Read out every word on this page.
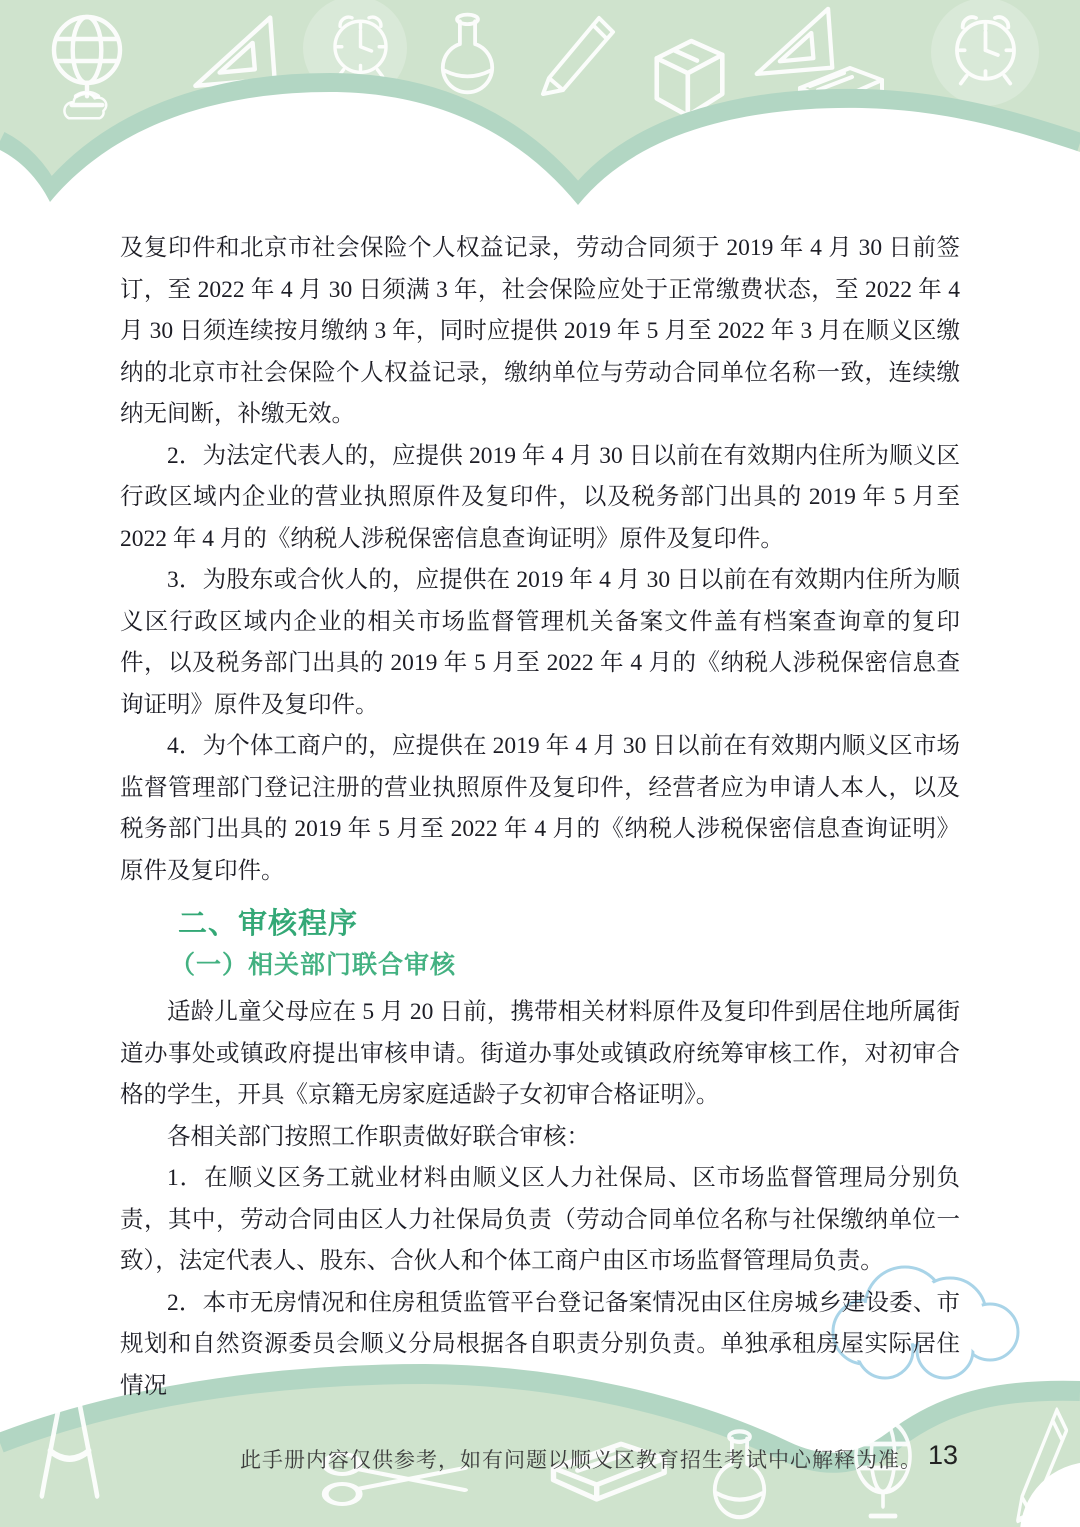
及复印件和北京市社会保险个人权益记录，劳动合同须于 2019 年 4 月 30 日前签订，至 2022 年 4 月 30 日须满 3 年，社会保险应处于正常缴费状态，至 2022 年 4 月 30 日须连续按月缴纳 3 年，同时应提供 2019 年 5 月至 2022 年 3 月在顺义区缴纳的北京市社会保险个人权益记录，缴纳单位与劳动合同单位名称一致，连续缴纳无间断，补缴无效。

2．为法定代表人的，应提供 2019 年 4 月 30 日以前在有效期内住所为顺义区行政区域内企业的营业执照原件及复印件，以及税务部门出具的 2019 年 5 月至 2022 年 4 月的《纳税人涉税保密信息查询证明》原件及复印件。

3．为股东或合伙人的，应提供在 2019 年 4 月 30 日以前在有效期内住所为顺义区行政区域内企业的相关市场监督管理机关备案文件盖有档案查询章的复印件，以及税务部门出具的 2019 年 5 月至 2022 年 4 月的《纳税人涉税保密信息查询证明》原件及复印件。

4．为个体工商户的，应提供在 2019 年 4 月 30 日以前在有效期内顺义区市场监督管理部门登记注册的营业执照原件及复印件，经营者应为申请人本人，以及税务部门出具的 2019 年 5 月至 2022 年 4 月的《纳税人涉税保密信息查询证明》原件及复印件。

二、审核程序
（一）相关部门联合审核

适龄儿童父母应在 5 月 20 日前，携带相关材料原件及复印件到居住地所属街道办事处或镇政府提出审核申请。街道办事处或镇政府统筹审核工作，对初审合格的学生，开具《京籍无房家庭适龄子女初审合格证明》。

各相关部门按照工作职责做好联合审核：

1．在顺义区务工就业材料由顺义区人力社保局、区市场监督管理局分别负责，其中，劳动合同由区人力社保局负责（劳动合同单位名称与社保缴纳单位一致），法定代表人、股东、合伙人和个体工商户由区市场监督管理局负责。

2．本市无房情况和住房租赁监管平台登记备案情况由区住房城乡建设委、市规划和自然资源委员会顺义分局根据各自职责分别负责。单独承租房屋实际居住情况

此手册内容仅供参考，如有问题以顺义区教育招生考试中心解释为准。 13
